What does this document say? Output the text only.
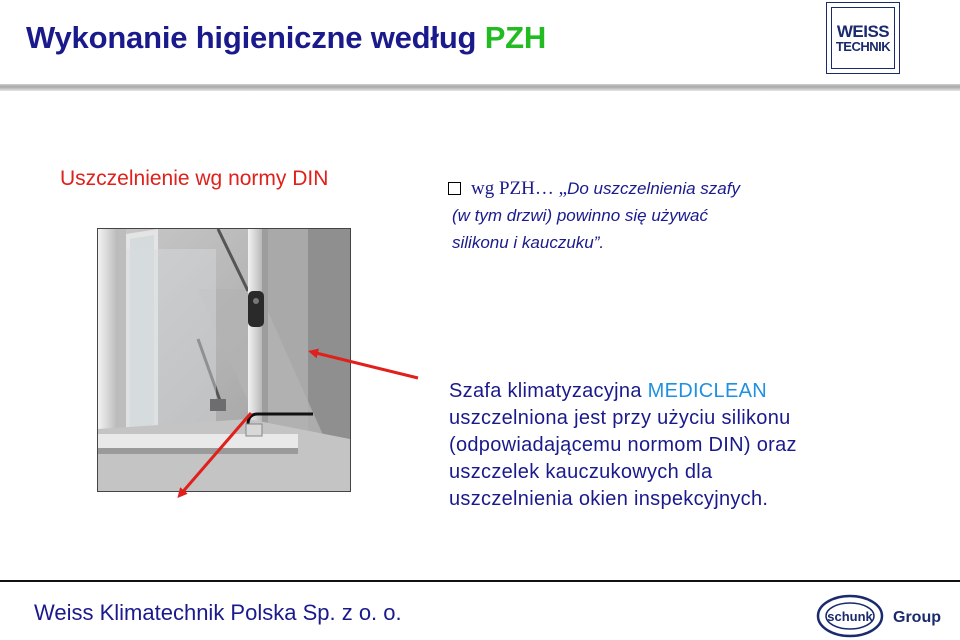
Wykonanie higieniczne według PZH	WEISS
TECHNIK
Uszczelnienie wg normy DIN	wg PZH… „Do uszczelnienia szafy
(w tym drzwi) powinno się używać
silikonu i kauczuku”.
Szafa klimatyzacyjna MEDICLEAN
uszczelniona jest przy użyciu silikonu
(odpowiadającemu normom DIN) oraz
uszczelek kauczukowych dla
uszczelnienia okien inspekcyjnych.
Weiss Klimatechnik Polska Sp. z o. o.	schunk Group
